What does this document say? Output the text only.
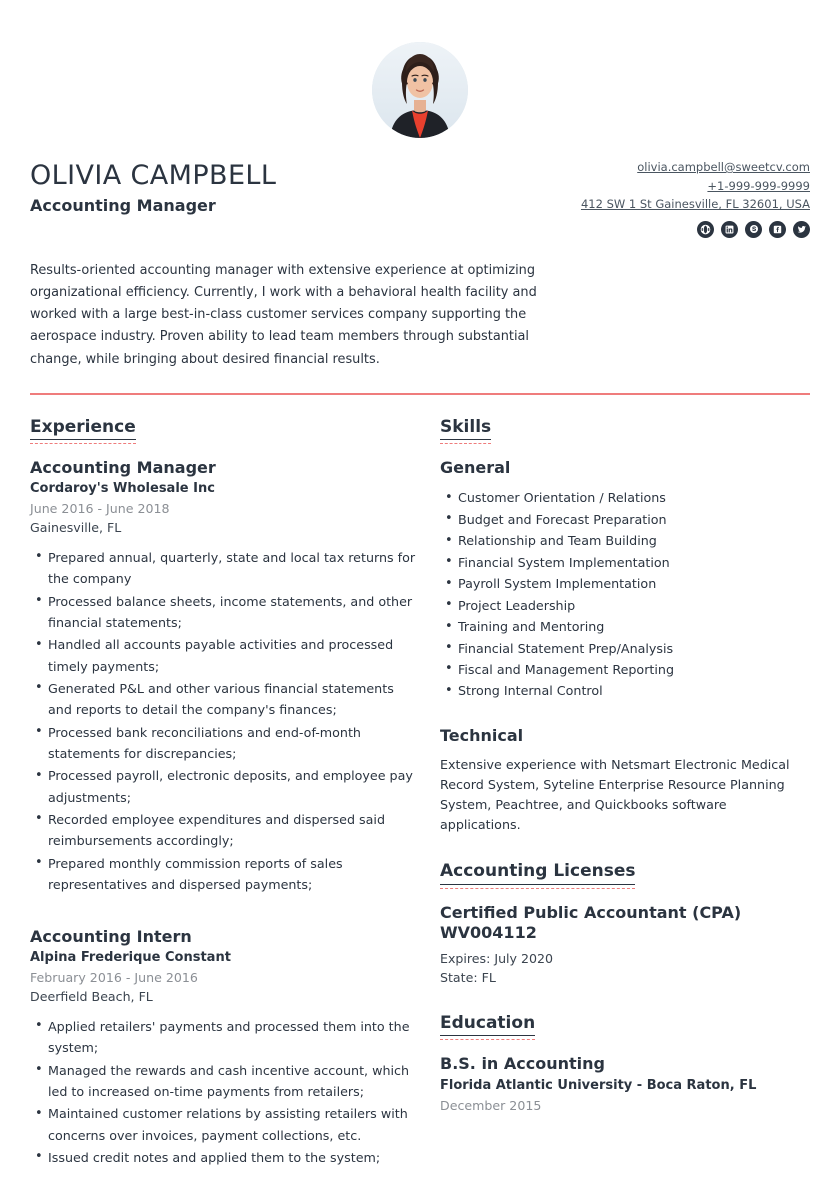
OLIVIA CAMPBELL
Accounting Manager
olivia.campbell@sweetcv.com
+1-999-999-9999
412 SW 1 St Gainesville, FL 32601, USA

Results-oriented accounting manager with extensive experience at optimizing organizational efficiency. Currently, I work with a behavioral health facility and worked with a large best-in-class customer services company supporting the aerospace industry. Proven ability to lead team members through substantial change, while bringing about desired financial results.

Experience
Accounting Manager
Cordaroy's Wholesale Inc
June 2016 - June 2018
Gainesville, FL
• Prepared annual, quarterly, state and local tax returns for the company
• Processed balance sheets, income statements, and other financial statements;
• Handled all accounts payable activities and processed timely payments;
• Generated P&L and other various financial statements and reports to detail the company's finances;
• Processed bank reconciliations and end-of-month statements for discrepancies;
• Processed payroll, electronic deposits, and employee pay adjustments;
• Recorded employee expenditures and dispersed said reimbursements accordingly;
• Prepared monthly commission reports of sales representatives and dispersed payments;
Accounting Intern
Alpina Frederique Constant
February 2016 - June 2016
Deerfield Beach, FL
• Applied retailers' payments and processed them into the system;
• Managed the rewards and cash incentive account, which led to increased on-time payments from retailers;
• Maintained customer relations by assisting retailers with concerns over invoices, payment collections, etc.
• Issued credit notes and applied them to the system;
Skills
General
• Customer Orientation / Relations
• Budget and Forecast Preparation
• Relationship and Team Building
• Financial System Implementation
• Payroll System Implementation
• Project Leadership
• Training and Mentoring
• Financial Statement Prep/Analysis
• Fiscal and Management Reporting
• Strong Internal Control
Technical

Extensive experience with Netsmart Electronic Medical Record System, Syteline Enterprise Resource Planning System, Peachtree, and Quickbooks software applications.

Accounting Licenses
Certified Public Accountant (CPA) WV004112
Expires: July 2020
State: FL
Education
B.S. in Accounting
Florida Atlantic University - Boca Raton, FL
December 2015
